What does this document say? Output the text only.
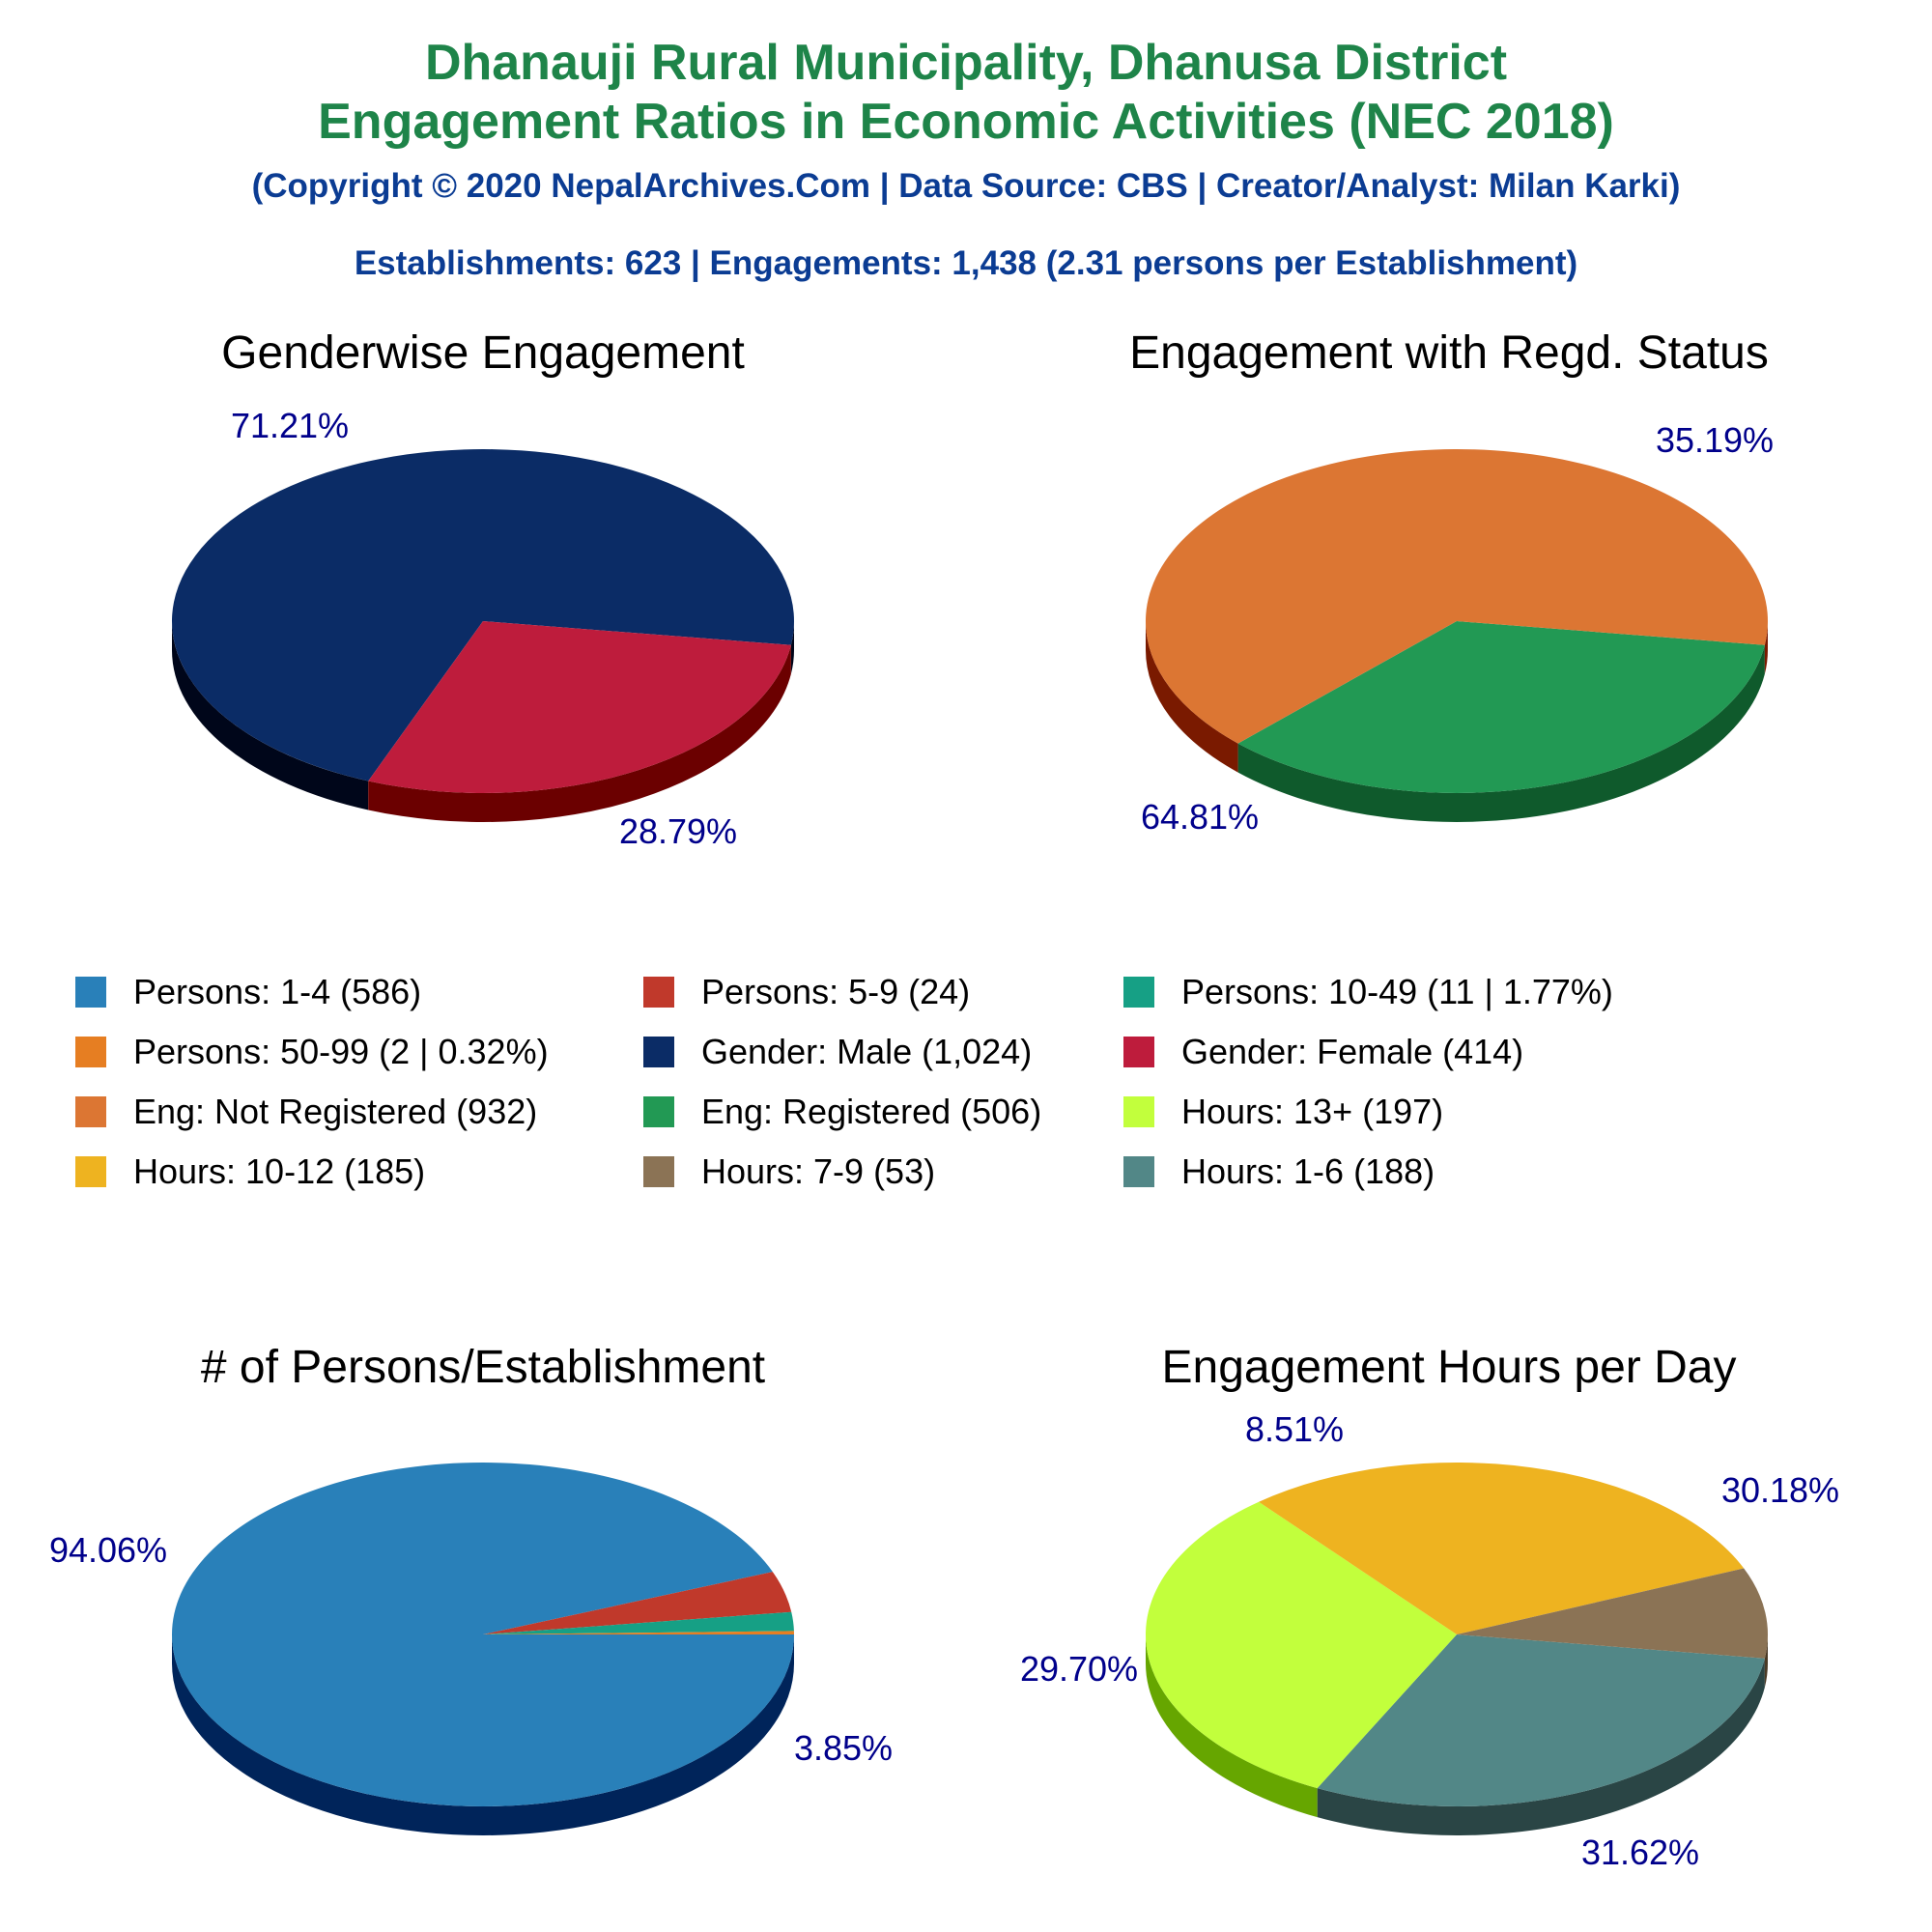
Dhanauji Rural Municipality, Dhanusa District
Engagement Ratios in Economic Activities (NEC 2018)
(Copyright © 2020 NepalArchives.Com | Data Source: CBS | Creator/Analyst: Milan Karki)
Establishments: 623 | Engagements: 1,438 (2.31 persons per Establishment)
Genderwise Engagement	Engagement with Regd. Status
# of Persons/Establishment	Engagement Hours per Day
71.21%
28.79%
35.19%
64.81%
94.06%
3.85%
30.18%
31.62%
29.70%
8.51%
Persons: 1-4 (586)	Persons: 5-9 (24)	Persons: 10-49 (11 | 1.77%)
Persons: 50-99 (2 | 0.32%)	Gender: Male (1,024)	Gender: Female (414)
Eng: Not Registered (932)	Eng: Registered (506)	Hours: 13+ (197)
Hours: 10-12 (185)	Hours: 7-9 (53)	Hours: 1-6 (188)
